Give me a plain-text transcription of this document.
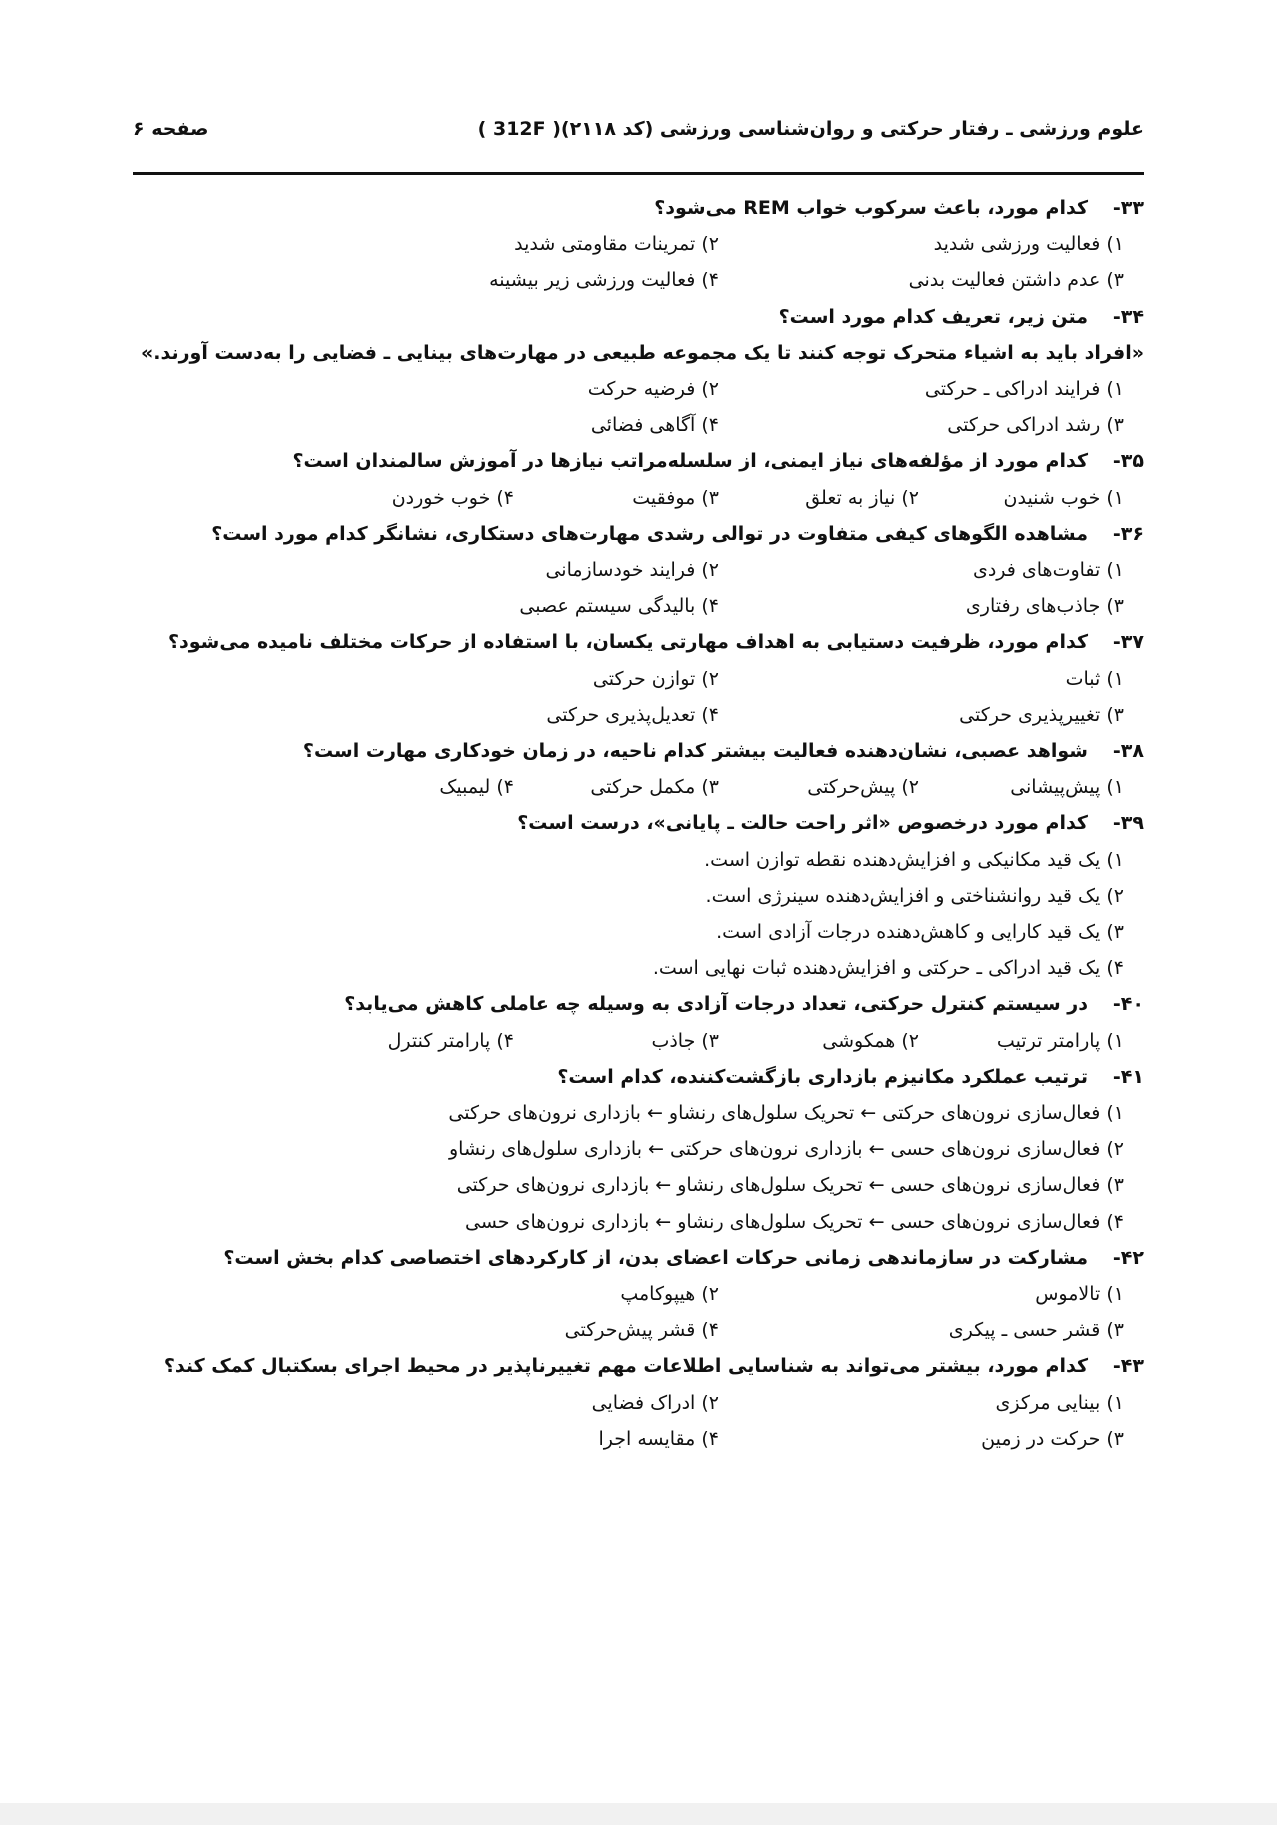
علوم ورزشی ـ رفتار حرکتی و روان‌شناسی ورزشی (کد ۲۱۱۸)( 312F )
صفحه ۶
۳۳-
کدام مورد، باعث سرکوب خواب REM می‌شود؟
۱) فعالیت ورزشی شدید
۲) تمرینات مقاومتی شدید
۳) عدم داشتن فعالیت بدنی
۴) فعالیت ورزشی زیر بیشینه
۳۴-
متن زیر، تعریف کدام مورد است؟
«افراد باید به اشیاء متحرک توجه کنند تا یک مجموعه طبیعی در مهارت‌های بینایی ـ فضایی را به‌دست آورند.»
۱) فرایند ادراکی ـ حرکتی
۲) فرضیه حرکت
۳) رشد ادراکی حرکتی
۴) آگاهی فضائی
۳۵-
کدام مورد از مؤلفه‌های نیاز ایمنی، از سلسله‌مراتب نیازها در آموزش سالمندان است؟
۱) خوب شنیدن
۲) نیاز به تعلق
۳) موفقیت
۴) خوب خوردن
۳۶-
مشاهده الگوهای کیفی متفاوت در توالی رشدی مهارت‌های دستکاری، نشانگر کدام مورد است؟
۱) تفاوت‌های فردی
۲) فرایند خودسازمانی
۳) جاذب‌های رفتاری
۴) بالیدگی سیستم عصبی
۳۷-
کدام مورد، ظرفیت دستیابی به اهداف مهارتی یکسان، با استفاده از حرکات مختلف نامیده می‌شود؟
۱) ثبات
۲) توازن حرکتی
۳) تغییرپذیری حرکتی
۴) تعدیل‌پذیری حرکتی
۳۸-
شواهد عصبی، نشان‌دهنده فعالیت بیشتر کدام ناحیه، در زمان خودکاری مهارت است؟
۱) پیش‌پیشانی
۲) پیش‌حرکتی
۳) مکمل حرکتی
۴) لیمبیک
۳۹-
کدام مورد درخصوص «اثر راحت حالت ـ پایانی»، درست است؟
۱) یک قید مکانیکی و افزایش‌دهنده نقطه توازن است.
۲) یک قید روانشناختی و افزایش‌دهنده سینرژی است.
۳) یک قید کارایی و کاهش‌دهنده درجات آزادی است.
۴) یک قید ادراکی ـ حرکتی و افزایش‌دهنده ثبات نهایی است.
۴۰-
در سیستم کنترل حرکتی، تعداد درجات آزادی به وسیله چه عاملی کاهش می‌یابد؟
۱) پارامتر ترتیب
۲) همکوشی
۳) جاذب
۴) پارامتر کنترل
۴۱-
ترتیب عملکرد مکانیزم بازداری بازگشت‌کننده، کدام است؟
۱) فعال‌سازی نرون‌های حرکتی ← تحریک سلول‌های رنشاو ← بازداری نرون‌های حرکتی
۲) فعال‌سازی نرون‌های حسی ← بازداری نرون‌های حرکتی ← بازداری سلول‌های رنشاو
۳) فعال‌سازی نرون‌های حسی ← تحریک سلول‌های رنشاو ← بازداری نرون‌های حرکتی
۴) فعال‌سازی نرون‌های حسی ← تحریک سلول‌های رنشاو ← بازداری نرون‌های حسی
۴۲-
مشارکت در سازماندهی زمانی حرکات اعضای بدن، از کارکردهای اختصاصی کدام بخش است؟
۱) تالاموس
۲) هیپوکامپ
۳) قشر حسی ـ پیکری
۴) قشر پیش‌حرکتی
۴۳-
کدام مورد، بیشتر می‌تواند به شناسایی اطلاعات مهم تغییرناپذیر در محیط اجرای بسکتبال کمک کند؟
۱) بینایی مرکزی
۲) ادراک فضایی
۳) حرکت در زمین
۴) مقایسه اجرا
